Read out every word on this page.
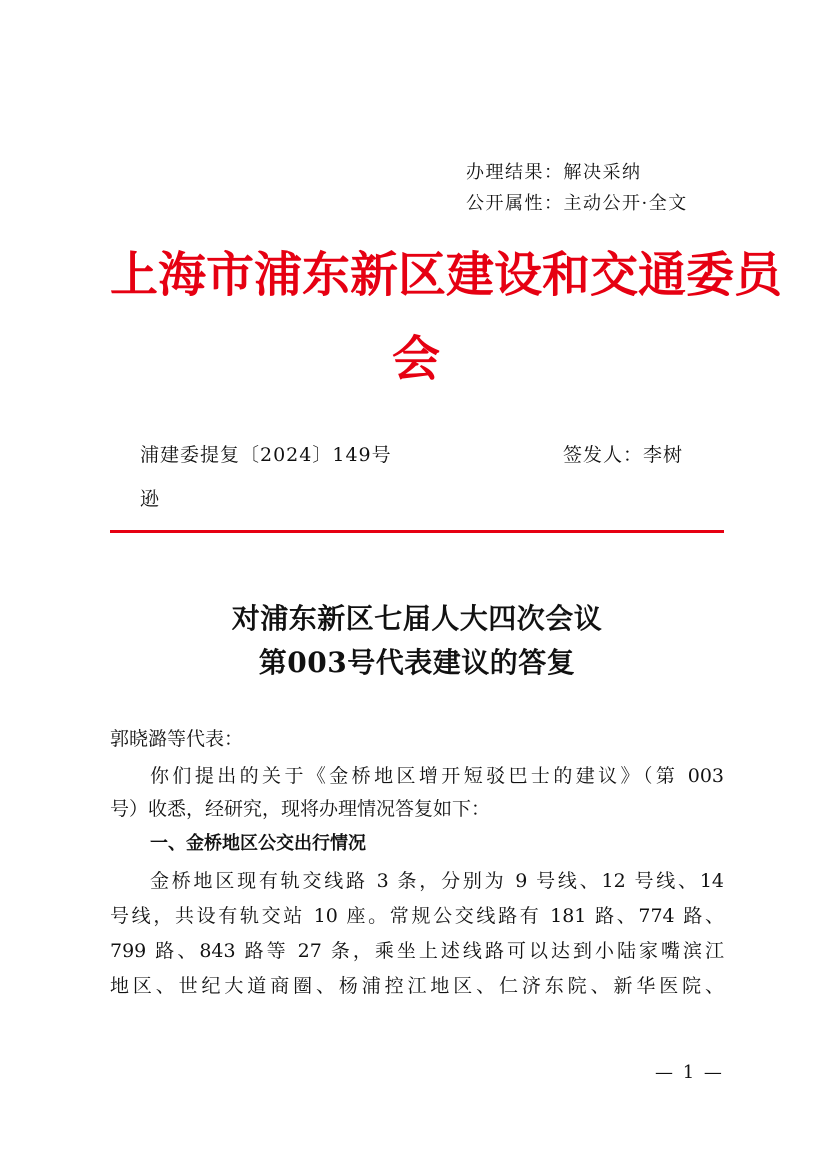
办理结果：解决采纳
公开属性：主动公开·全文
上海市浦东新区建设和交通委员
会
浦建委提复〔2024〕149号	签发人：李树
逊
对浦东新区七届人大四次会议
第003号代表建议的答复
郭晓潞等代表：
你们提出的关于《金桥地区增开短驳巴士的建议》（第 003
号）收悉，经研究，现将办理情况答复如下：
一、金桥地区公交出行情况
金桥地区现有轨交线路 3 条，分别为 9 号线、12 号线、14
号线，共设有轨交站 10 座。常规公交线路有 181 路、774 路、
799 路、843 路等 27 条，乘坐上述线路可以达到小陆家嘴滨江
地区、世纪大道商圈、杨浦控江地区、仁济东院、新华医院、
— 1 —
